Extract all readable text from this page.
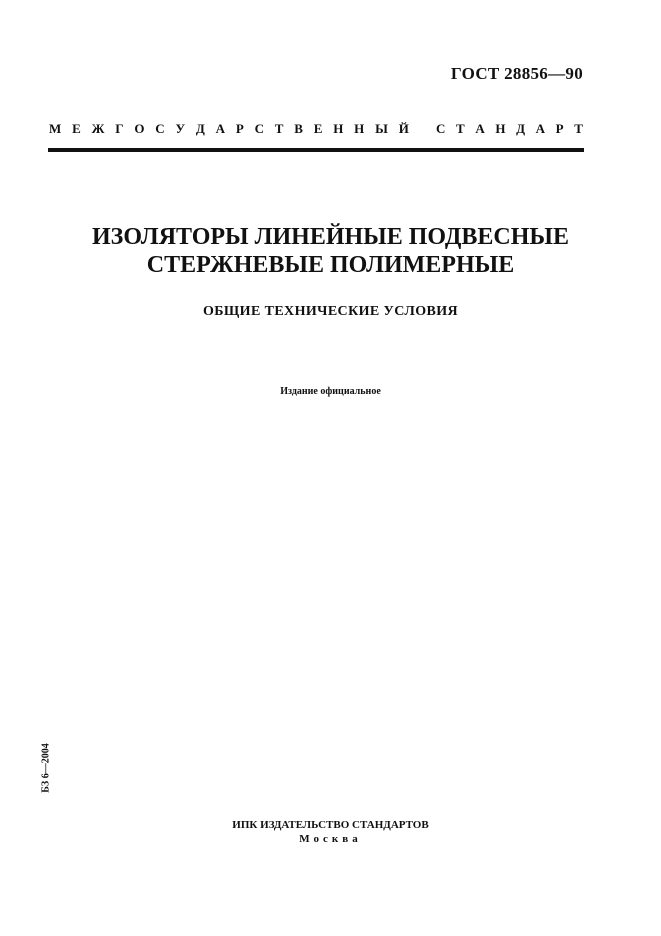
ГОСТ 28856—90
М Е Ж Г О С У Д А Р С Т В Е Н Н Ы Й С Т А Н Д А Р Т
ИЗОЛЯТОРЫ ЛИНЕЙНЫЕ ПОДВЕСНЫЕ
СТЕРЖНЕВЫЕ ПОЛИМЕРНЫЕ
ОБЩИЕ ТЕХНИЧЕСКИЕ УСЛОВИЯ
Издание официальное
БЗ 6—2004
ИПК ИЗДАТЕЛЬСТВО СТАНДАРТОВ
Москва
